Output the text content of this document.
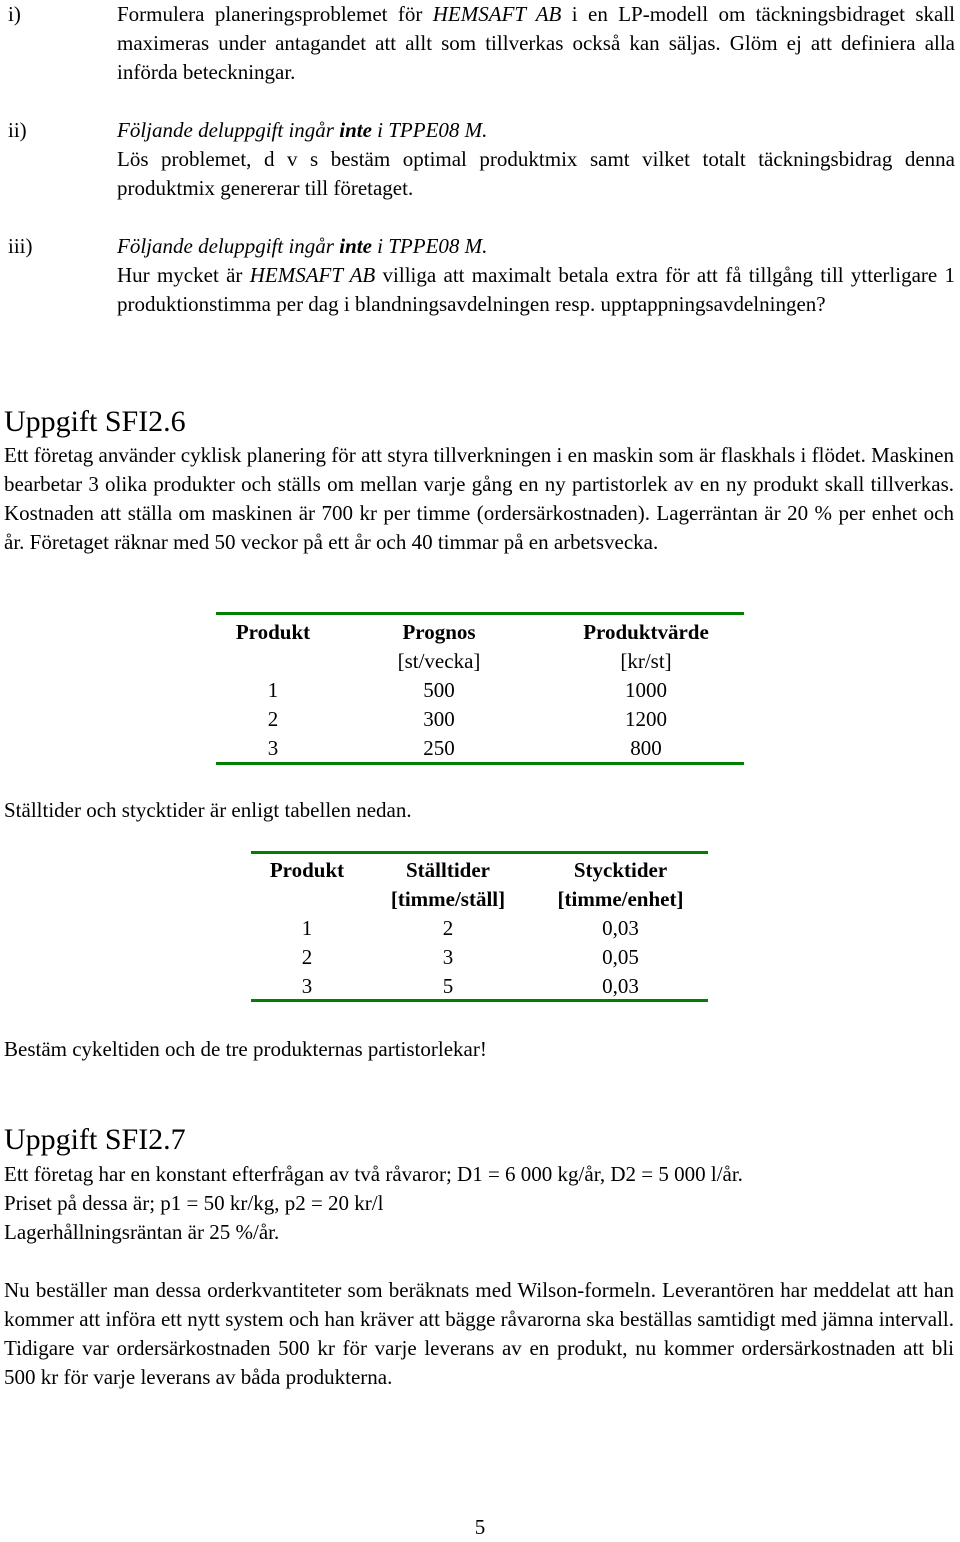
i)	Formulera planeringsproblemet för HEMSAFT AB i en LP-modell om täckningsbidraget skall maximeras under antagandet att allt som tillverkas också kan säljas. Glöm ej att definiera alla införda beteckningar.

ii)	Följande deluppgift ingår inte i TPPE08 M.

Lös problemet, d v s bestäm optimal produktmix samt vilket totalt täckningsbidrag denna produktmix genererar till företaget.

iii)	Följande deluppgift ingår inte i TPPE08 M.

Hur mycket är HEMSAFT AB villiga att maximalt betala extra för att få tillgång till ytterligare 1 produktionstimma per dag i blandningsavdelningen resp. upptappningsavdelningen?

Uppgift SFI2.6

Ett företag använder cyklisk planering för att styra tillverkningen i en maskin som är flaskhals i flödet. Maskinen bearbetar 3 olika produkter och ställs om mellan varje gång en ny partistorlek av en ny produkt skall tillverkas. Kostnaden att ställa om maskinen är 700 kr per timme (ordersärkostnaden). Lagerräntan är 20 % per enhet och år. Företaget räknar med 50 veckor på ett år och 40 timmar på en arbetsvecka.

Produkt	Prognos	Produktvärde
	[st/vecka]	[kr/st]
1	500	1000
2	300	1200
3	250	800

Ställtider och stycktider är enligt tabellen nedan.

Produkt	Ställtider	Stycktider
	[timme/ställ]	[timme/enhet]
1	2	0,03
2	3	0,05
3	5	0,03

Bestäm cykeltiden och de tre produkternas partistorlekar!

Uppgift SFI2.7

Ett företag har en konstant efterfrågan av två råvaror; D1 = 6 000 kg/år, D2 = 5 000 l/år.

Priset på dessa är; p1 = 50 kr/kg, p2 = 20 kr/l

Lagerhållningsräntan är 25 %/år.

Nu beställer man dessa orderkvantiteter som beräknats med Wilson-formeln. Leverantören har meddelat att han kommer att införa ett nytt system och han kräver att bägge råvarorna ska beställas samtidigt med jämna intervall. Tidigare var ordersärkostnaden 500 kr för varje leverans av en produkt, nu kommer ordersärkostnaden att bli 500 kr för varje leverans av båda produkterna.

5
